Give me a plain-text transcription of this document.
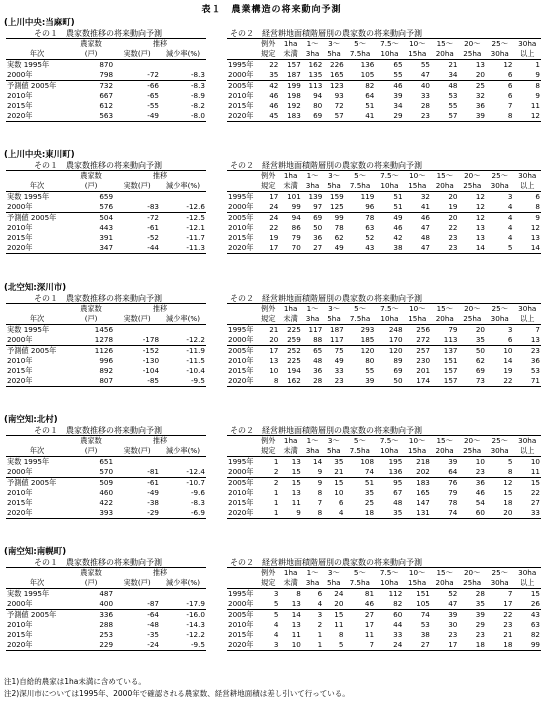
表１　農業構造の将来動向予測
(上川中央:当麻町)
その１　農家数推移の将来動向予測	その２　経営耕地面積階層別の農家数の将来動向予測
	農家数	推移	
年次	(戸)	実数(戸)	減少率(%)
実数 1995年	870		
2000年	798	-72	-8.3
予測値 2005年	732	-66	-8.3
2010年	667	-65	-8.9
2015年	612	-55	-8.2
2020年	563	-49	-8.0
	例外	1ha	1～	3～	5～	7.5～	10～	15～	20～	25～	30ha
	規定	未満	3ha	5ha	7.5ha	10ha	15ha	20ha	25ha	30ha	以上
1995年	22	157	162	226	136	65	55	21	13	12	1
2000年	35	187	135	165	105	55	47	34	20	6	9
2005年	42	199	113	123	82	46	40	48	25	6	8
2010年	46	198	94	93	64	39	33	53	32	6	9
2015年	46	192	80	72	51	34	28	55	36	7	11
2020年	45	183	69	57	41	29	23	57	39	8	12
(上川中央:東川町)
その１　農家数推移の将来動向予測	その２　経営耕地面積階層別の農家数の将来動向予測
	農家数	推移	
年次	(戸)	実数(戸)	減少率(%)
実数 1995年	659		
2000年	576	-83	-12.6
予測値 2005年	504	-72	-12.5
2010年	443	-61	-12.1
2015年	391	-52	-11.7
2020年	347	-44	-11.3
	例外	1ha	1～	3～	5～	7.5～	10～	15～	20～	25～	30ha
	規定	未満	3ha	5ha	7.5ha	10ha	15ha	20ha	25ha	30ha	以上
1995年	17	101	139	159	119	51	32	20	12	3	6
2000年	24	99	97	125	96	51	41	19	12	4	8
2005年	24	94	69	99	78	49	46	20	12	4	9
2010年	22	86	50	78	63	46	47	22	13	4	12
2015年	19	79	36	62	52	42	48	23	13	4	13
2020年	17	70	27	49	43	38	47	23	14	5	14
(北空知:深川市)
その１　農家数推移の将来動向予測	その２　経営耕地面積階層別の農家数の将来動向予測
	農家数	推移	
年次	(戸)	実数(戸)	減少率(%)
実数 1995年	1456		
2000年	1278	-178	-12.2
予測値 2005年	1126	-152	-11.9
2010年	996	-130	-11.5
2015年	892	-104	-10.4
2020年	807	-85	-9.5
	例外	1ha	1～	3～	5～	7.5～	10～	15～	20～	25～	30ha
	規定	未満	3ha	5ha	7.5ha	10ha	15ha	20ha	25ha	30ha	以上
1995年	21	225	117	187	293	248	256	79	20	3	7
2000年	20	259	88	117	185	170	272	113	35	6	13
2005年	17	252	65	75	120	120	257	137	50	10	23
2010年	13	225	48	49	80	89	230	151	62	14	36
2015年	10	194	36	33	55	69	201	157	69	19	53
2020年	8	162	28	23	39	50	174	157	73	22	71
(南空知:北村)
その１　農家数推移の将来動向予測	その２　経営耕地面積階層別の農家数の将来動向予測
	農家数	推移	
年次	(戸)	実数(戸)	減少率(%)
実数 1995年	651		
2000年	570	-81	-12.4
予測値 2005年	509	-61	-10.7
2010年	460	-49	-9.6
2015年	422	-38	-8.3
2020年	393	-29	-6.9
	例外	1ha	1～	3～	5～	7.5～	10～	15～	20～	25～	30ha
	規定	未満	3ha	5ha	7.5ha	10ha	15ha	20ha	25ha	30ha	以上
1995年	1	13	14	35	108	195	218	39	10	5	10
2000年	2	15	9	21	74	136	202	64	23	8	11
2005年	2	15	9	15	51	95	183	76	36	12	15
2010年	1	13	8	10	35	67	165	79	46	15	22
2015年	1	11	7	6	25	48	147	78	54	18	27
2020年	1	9	8	4	18	35	131	74	60	20	33
(南空知:南幌町)
その１　農家数推移の将来動向予測	その２　経営耕地面積階層別の農家数の将来動向予測
	農家数	推移	
年次	(戸)	実数(戸)	減少率(%)
実数 1995年	487		
2000年	400	-87	-17.9
予測値 2005年	336	-64	-16.0
2010年	288	-48	-14.3
2015年	253	-35	-12.2
2020年	229	-24	-9.5
	例外	1ha	1～	3～	5～	7.5～	10～	15～	20～	25～	30ha
	規定	未満	3ha	5ha	7.5ha	10ha	15ha	20ha	25ha	30ha	以上
1995年	3	8	6	24	81	112	151	52	28	7	15
2000年	5	13	4	20	46	82	105	47	35	17	26
2005年	5	14	3	15	27	60	74	39	39	22	43
2010年	4	13	2	11	17	44	53	30	29	23	63
2015年	4	11	1	8	11	33	38	23	23	21	82
2020年	3	10	1	5	7	24	27	17	18	18	99
注1)自給的農家は1ha未満に含めている。
注2)深川市については1995年、2000年で確認される農家数、経営耕地面積は差し引いて行っている。
